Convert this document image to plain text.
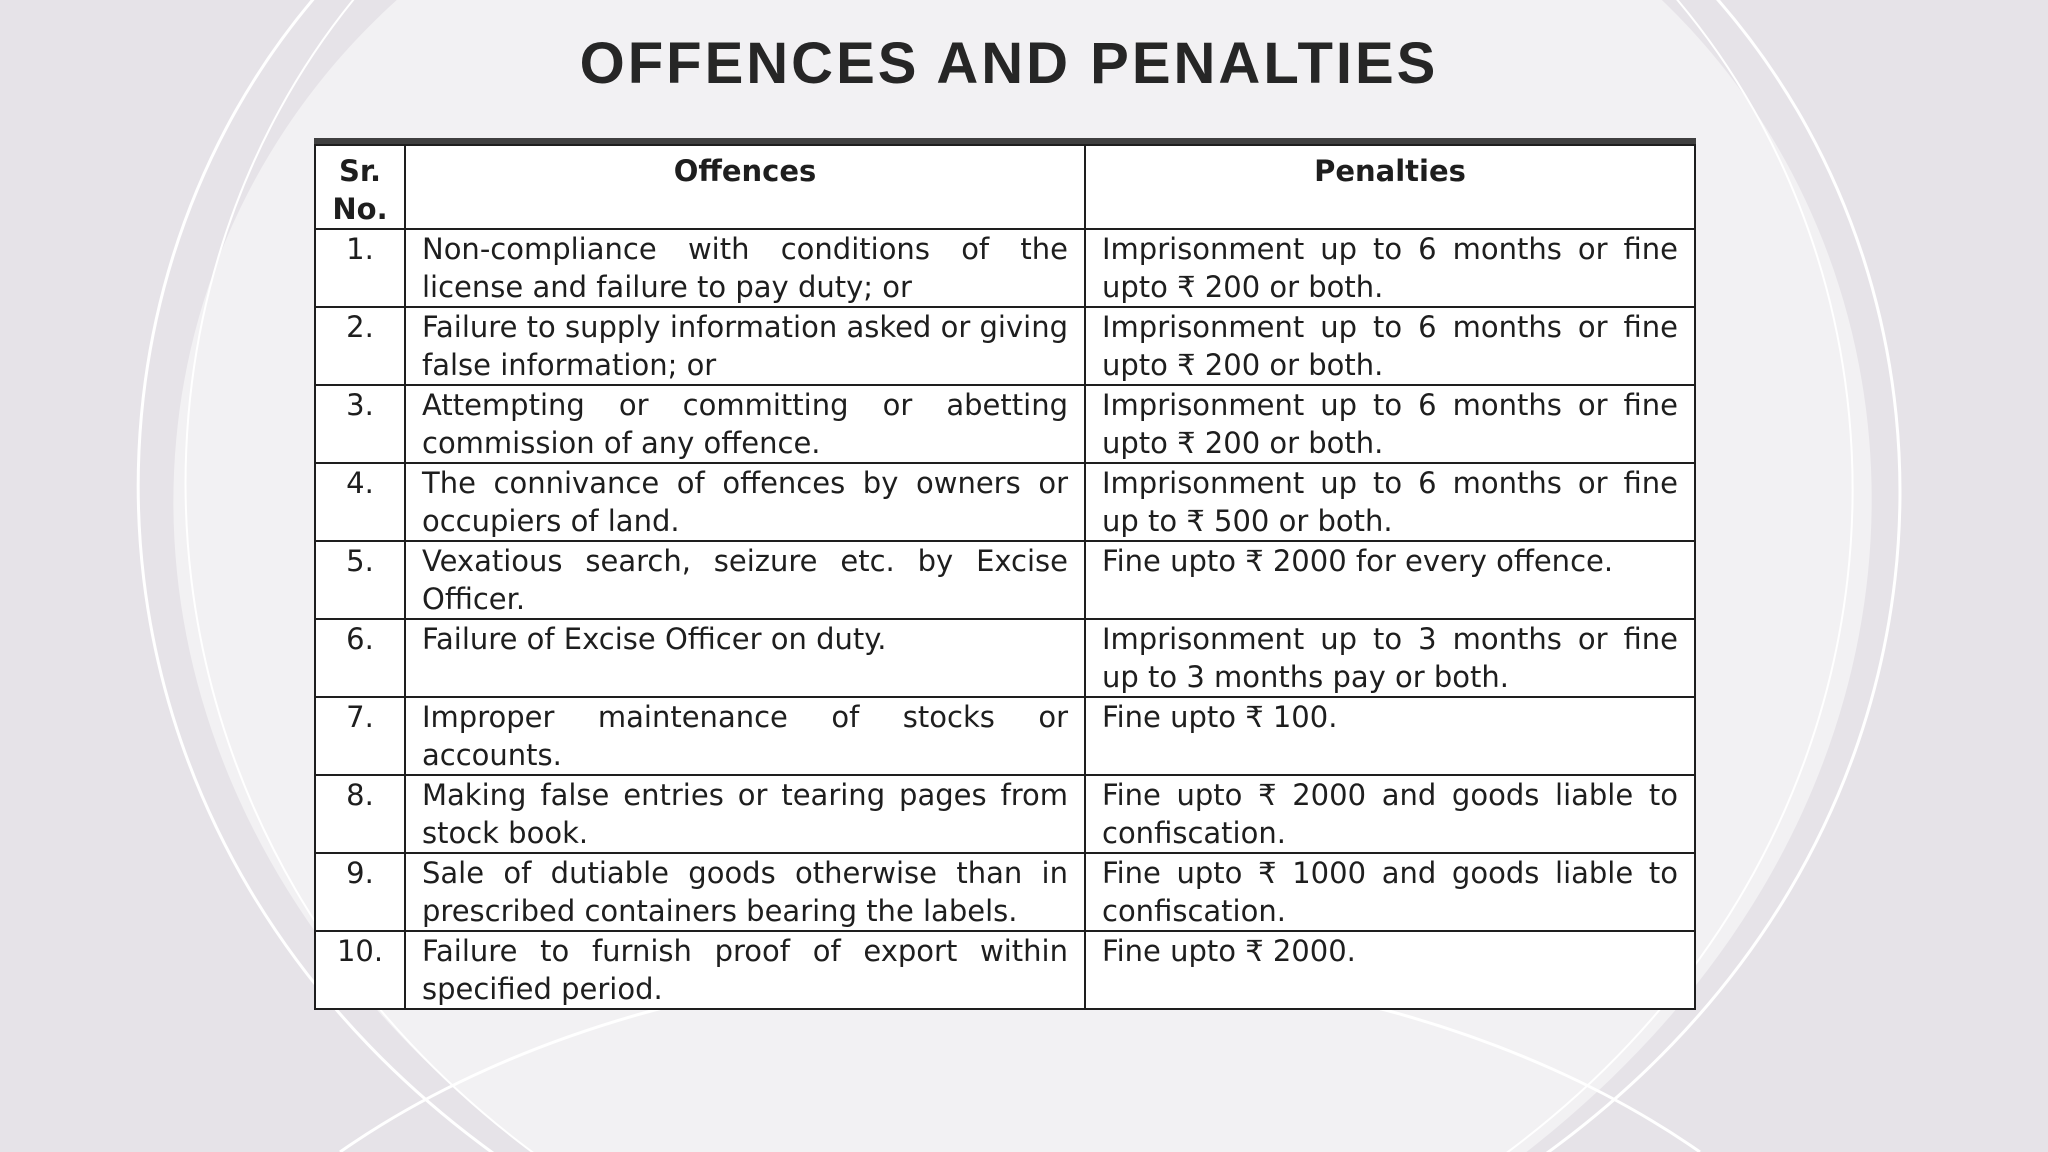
OFFENCES AND PENALTIES
Sr. No.	Offences	Penalties
1.	Non-compliance with conditions of the license and failure to pay duty; or	Imprisonment up to 6 months or fine upto ₹ 200 or both.
2.	Failure to supply information asked or giving false information; or	Imprisonment up to 6 months or fine upto ₹ 200 or both.
3.	Attempting or committing or abetting commission of any offence.	Imprisonment up to 6 months or fine upto ₹ 200 or both.
4.	The connivance of offences by owners or occupiers of land.	Imprisonment up to 6 months or fine up to ₹ 500 or both.
5.	Vexatious search, seizure etc. by Excise Officer.	Fine upto ₹ 2000 for every offence.
6.	Failure of Excise Officer on duty.	Imprisonment up to 3 months or fine up to 3 months pay or both.
7.	Improper maintenance of stocks or accounts.	Fine upto ₹ 100.
8.	Making false entries or tearing pages from stock book.	Fine upto ₹ 2000 and goods liable to confiscation.
9.	Sale of dutiable goods otherwise than in prescribed containers bearing the labels.	Fine upto ₹ 1000 and goods liable to confiscation.
10.	Failure to furnish proof of export within specified period.	Fine upto ₹ 2000.
